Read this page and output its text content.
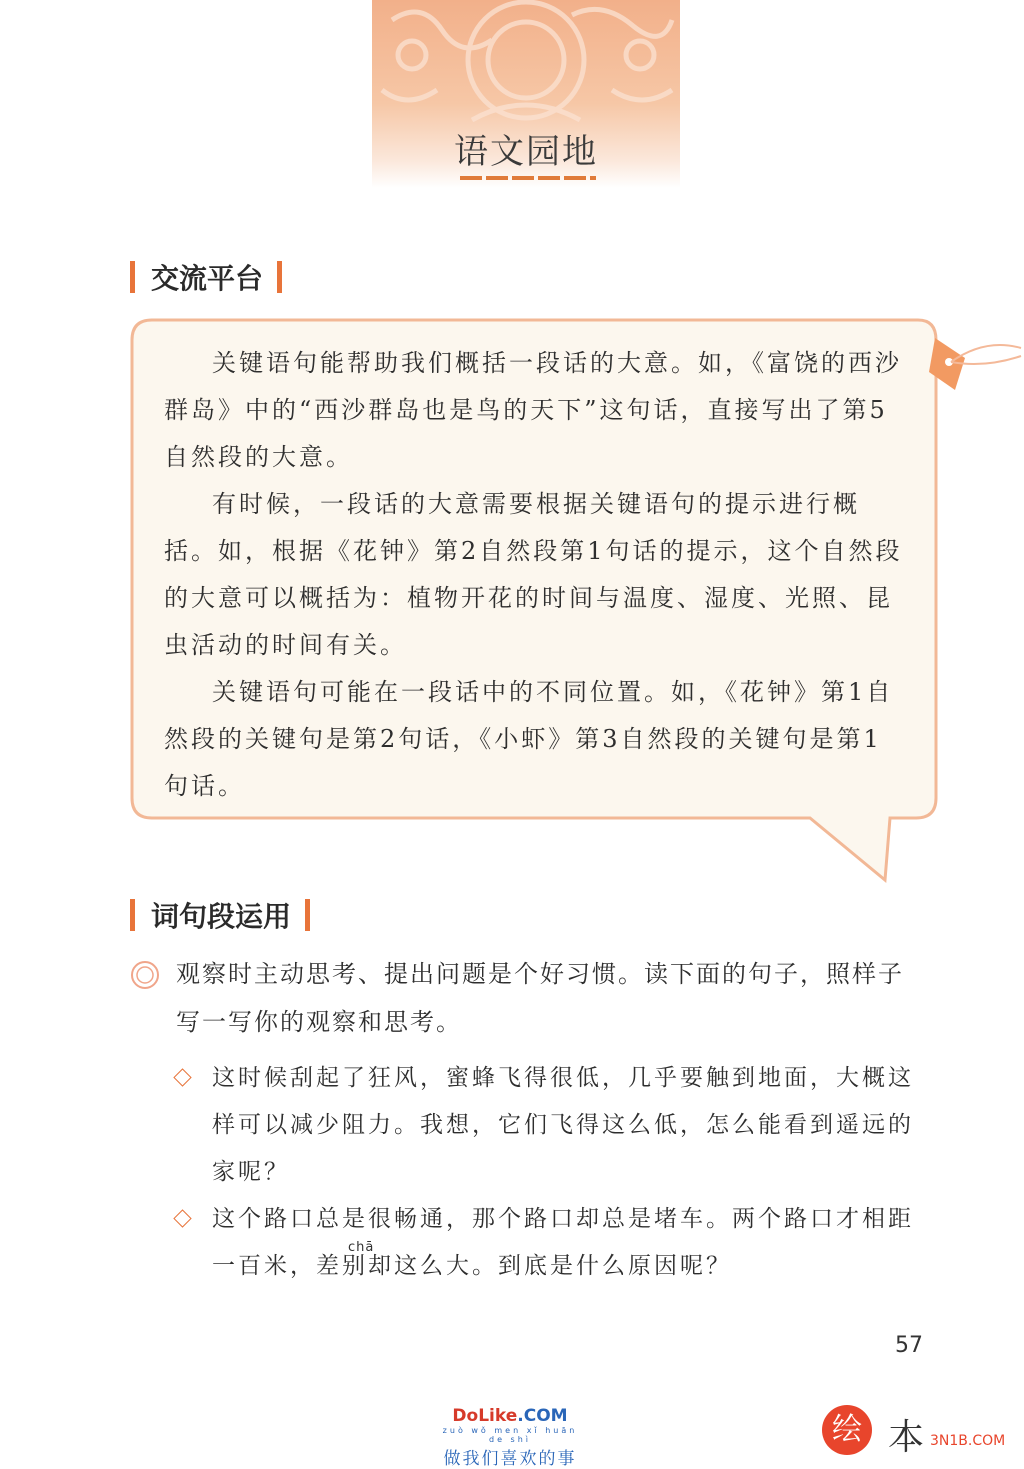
语文园地
交流平台

关键语句能帮助我们概括一段话的大意。如，《富饶的西沙群岛》中的“西沙群岛也是鸟的天下”这句话，直接写出了第5自然段的大意。

有时候，一段话的大意需要根据关键语句的提示进行概括。如，根据《花钟》第2自然段第1句话的提示，这个自然段的大意可以概括为：植物开花的时间与温度、湿度、光照、昆虫活动的时间有关。

关键语句可能在一段话中的不同位置。如，《花钟》第1自然段的关键句是第2句话，《小虾》第3自然段的关键句是第1句话。

词句段运用
观察时主动思考、提出问题是个好习惯。读下面的句子，照样子写一写你的观察和思考。
这时候刮起了狂风，蜜蜂飞得很低，几乎要触到地面，大概这样可以减少阻力。我想，它们飞得这么低，怎么能看到遥远的家呢？
chā
这个路口总是很畅通，那个路口却总是堵车。两个路口才相距一百米，差别却这么大。到底是什么原因呢？
57
DoLike.COM
zuò wǒ men xǐ huān de shì
做我们喜欢的事
绘 本 3N1B.COM
